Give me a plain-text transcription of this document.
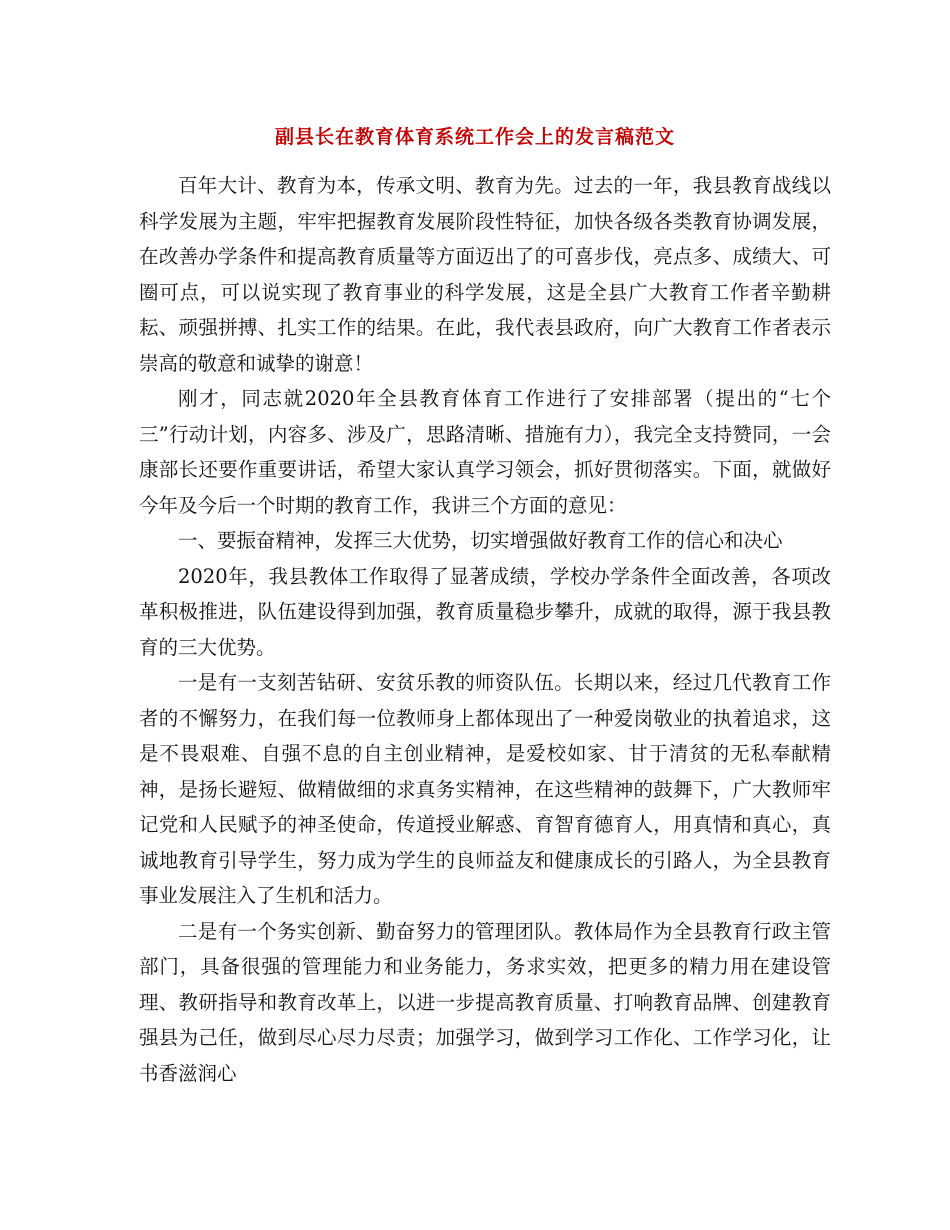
副县长在教育体育系统工作会上的发言稿范文

百年大计、教育为本，传承文明、教育为先。过去的一年，我县教育战线以科学发展为主题，牢牢把握教育发展阶段性特征，加快各级各类教育协调发展，在改善办学条件和提高教育质量等方面迈出了的可喜步伐，亮点多、成绩大、可圈可点，可以说实现了教育事业的科学发展，这是全县广大教育工作者辛勤耕耘、顽强拼搏、扎实工作的结果。在此，我代表县政府，向广大教育工作者表示崇高的敬意和诚挚的谢意！

刚才，同志就2020年全县教育体育工作进行了安排部署（提出的“七个三”行动计划，内容多、涉及广，思路清晰、措施有力），我完全支持赞同，一会康部长还要作重要讲话，希望大家认真学习领会，抓好贯彻落实。下面，就做好今年及今后一个时期的教育工作，我讲三个方面的意见：

一、要振奋精神，发挥三大优势，切实增强做好教育工作的信心和决心

2020年，我县教体工作取得了显著成绩，学校办学条件全面改善，各项改革积极推进，队伍建设得到加强，教育质量稳步攀升，成就的取得，源于我县教育的三大优势。

一是有一支刻苦钻研、安贫乐教的师资队伍。长期以来，经过几代教育工作者的不懈努力，在我们每一位教师身上都体现出了一种爱岗敬业的执着追求，这是不畏艰难、自强不息的自主创业精神，是爱校如家、甘于清贫的无私奉献精神，是扬长避短、做精做细的求真务实精神，在这些精神的鼓舞下，广大教师牢记党和人民赋予的神圣使命，传道授业解惑、育智育德育人，用真情和真心，真诚地教育引导学生，努力成为学生的良师益友和健康成长的引路人，为全县教育事业发展注入了生机和活力。

二是有一个务实创新、勤奋努力的管理团队。教体局作为全县教育行政主管部门，具备很强的管理能力和业务能力，务求实效，把更多的精力用在建设管理、教研指导和教育改革上，以进一步提高教育质量、打响教育品牌、创建教育强县为己任，做到尽心尽力尽责；加强学习，做到学习工作化、工作学习化，让书香滋润心
